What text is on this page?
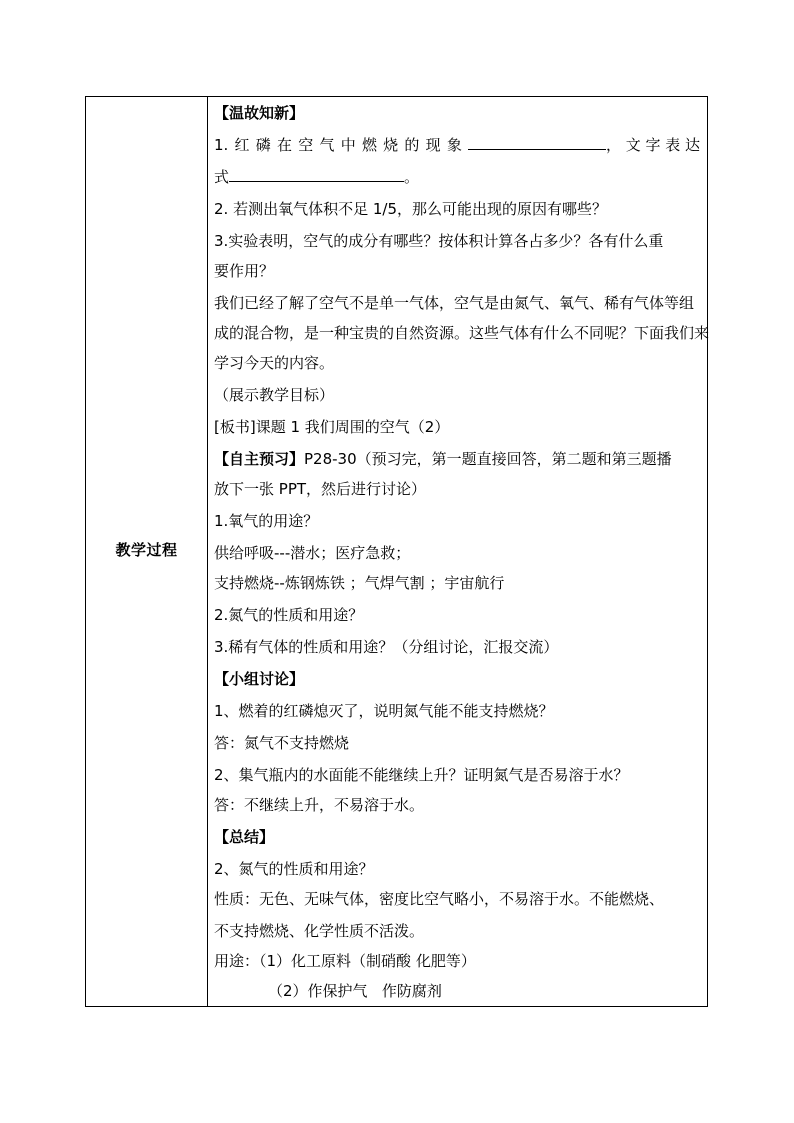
教学过程
【温故知新】
1. 红 磷 在 空 气 中 燃 烧 的 现 象	， 文 字 表 达
式	。
2. 若测出氧气体积不足 1/5，那么可能出现的原因有哪些？
3.实验表明，空气的成分有哪些？按体积计算各占多少？各有什么重
要作用？
我们已经了解了空气不是单一气体，空气是由氮气、氧气、稀有气体等组
成的混合物，是一种宝贵的自然资源。这些气体有什么不同呢？下面我们来
学习今天的内容。
（展示教学目标）
[板书]课题 1 我们周围的空气（2）
【自主预习】P28-30（预习完，第一题直接回答，第二题和第三题播
放下一张 PPT，然后进行讨论）
1.氧气的用途？
供给呼吸---潜水；医疗急救；
支持燃烧--炼钢炼铁 ；气焊气割 ；宇宙航行
2.氮气的性质和用途？
3.稀有气体的性质和用途？（分组讨论，汇报交流）
【小组讨论】
1、燃着的红磷熄灭了，说明氮气能不能支持燃烧？
答：氮气不支持燃烧
2、集气瓶内的水面能不能继续上升？证明氮气是否易溶于水？
答：不继续上升，不易溶于水。
【总结】
2、氮气的性质和用途？
性质：无色、无味气体，密度比空气略小，不易溶于水。不能燃烧、
不支持燃烧、化学性质不活泼。
用途：（1）化工原料（制硝酸 化肥等）
（2）作保护气   作防腐剂
